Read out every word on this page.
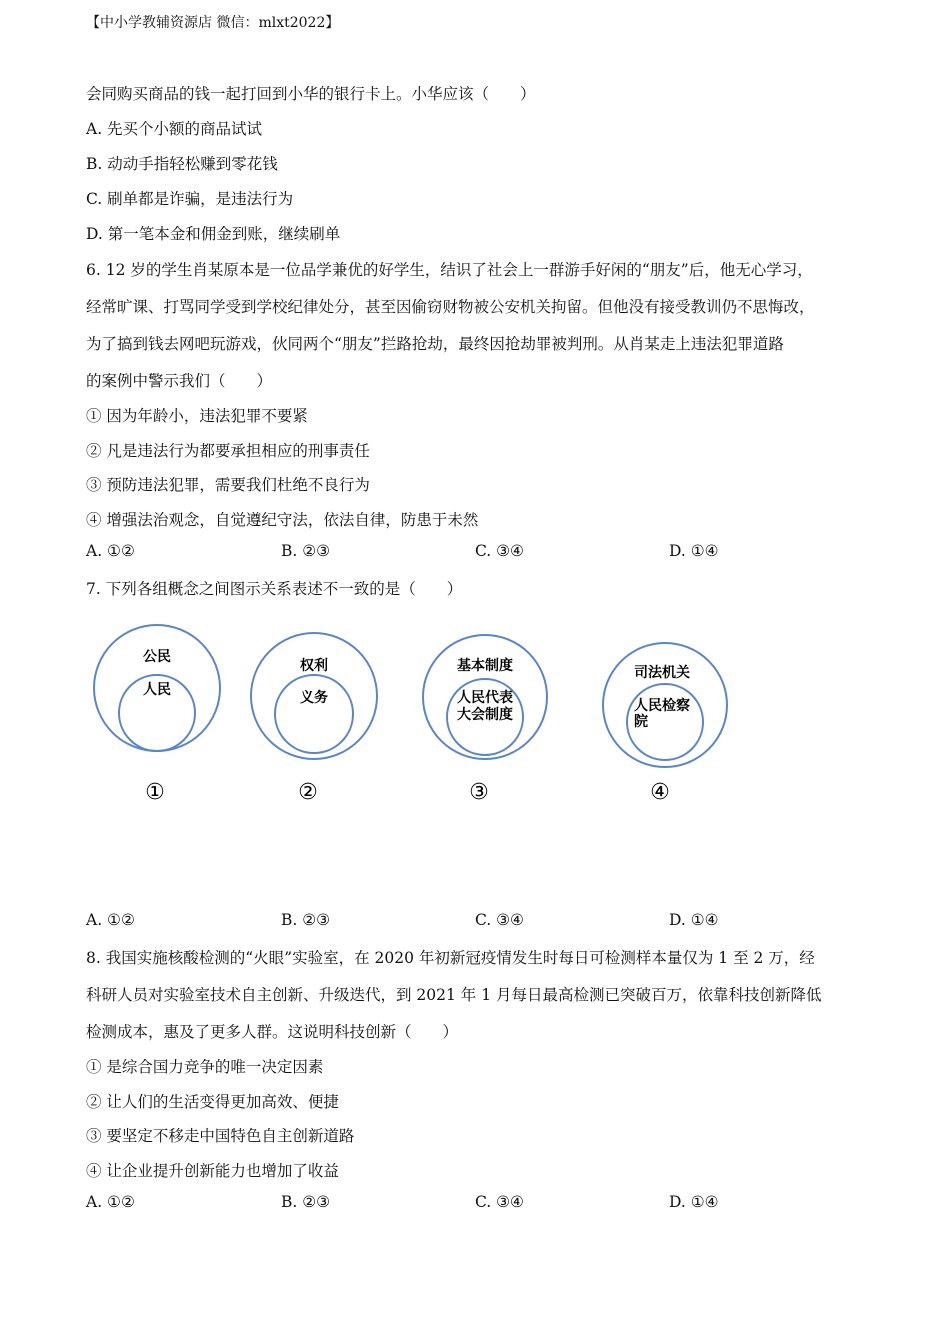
【中小学教辅资源店 微信：mlxt2022】
会同购买商品的钱一起打回到小华的银行卡上。小华应该（　　）
A. 先买个小额的商品试试
B. 动动手指轻松赚到零花钱
C. 刷单都是诈骗，是违法行为
D. 第一笔本金和佣金到账，继续刷单
6. 12 岁的学生肖某原本是一位品学兼优的好学生，结识了社会上一群游手好闲的“朋友”后，他无心学习，
经常旷课、打骂同学受到学校纪律处分，甚至因偷窃财物被公安机关拘留。但他没有接受教训仍不思悔改，
为了搞到钱去网吧玩游戏，伙同两个“朋友”拦路抢劫，最终因抢劫罪被判刑。从肖某走上违法犯罪道路
的案例中警示我们（　　）
① 因为年龄小，违法犯罪不要紧
② 凡是违法行为都要承担相应的刑事责任
③ 预防违法犯罪，需要我们杜绝不良行为
④ 增强法治观念，自觉遵纪守法，依法自律，防患于未然
A. ①②	B. ②③	C. ③④	D. ①④
7. 下列各组概念之间图示关系表述不一致的是（　　）
公民
人民
①
权利
义务
②
基本制度
人民代表
大会制度
③
司法机关
人民检察
院
④
A. ①②	B. ②③	C. ③④	D. ①④
8. 我国实施核酸检测的“火眼”实验室，在 2020 年初新冠疫情发生时每日可检测样本量仅为 1 至 2 万，经
科研人员对实验室技术自主创新、升级迭代，到 2021 年 1 月每日最高检测已突破百万，依靠科技创新降低
检测成本，惠及了更多人群。这说明科技创新（　　）
① 是综合国力竞争的唯一决定因素
② 让人们的生活变得更加高效、便捷
③ 要坚定不移走中国特色自主创新道路
④ 让企业提升创新能力也增加了收益
A. ①②	B. ②③	C. ③④	D. ①④
